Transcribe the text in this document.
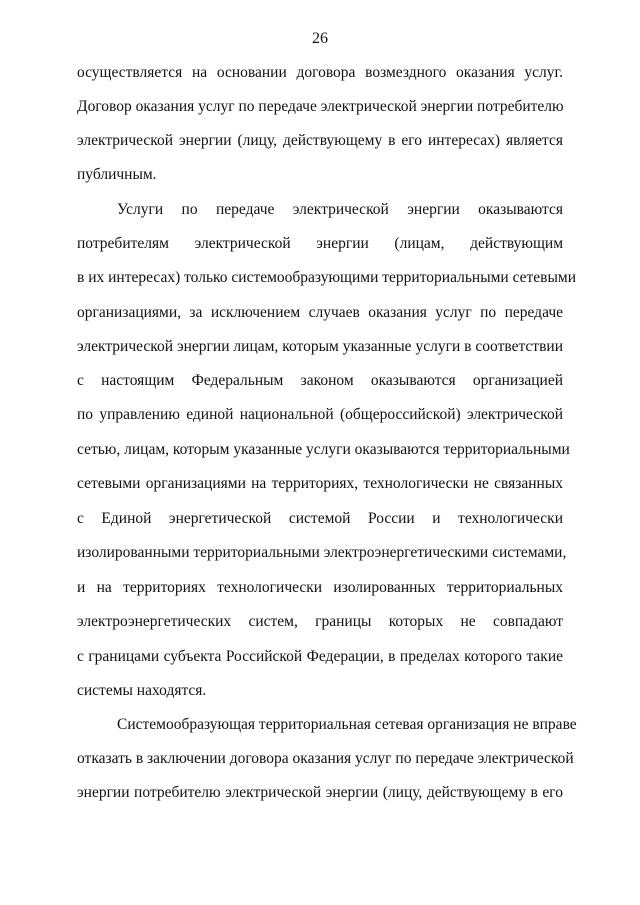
26
осуществляется на основании договора возмездного оказания услуг.
Договор оказания услуг по передаче электрической энергии потребителю
электрической энергии (лицу, действующему в его интересах) является
публичным.
Услуги по передаче электрической энергии оказываются
потребителям электрической энергии (лицам, действующим
в их интересах) только системообразующими территориальными сетевыми
организациями, за исключением случаев оказания услуг по передаче
электрической энергии лицам, которым указанные услуги в соответствии
с настоящим Федеральным законом оказываются организацией
по управлению единой национальной (общероссийской) электрической
сетью, лицам, которым указанные услуги оказываются территориальными
сетевыми организациями на территориях, технологически не связанных
с Единой энергетической системой России и технологически
изолированными территориальными электроэнергетическими системами,
и на территориях технологически изолированных территориальных
электроэнергетических систем, границы которых не совпадают
с границами субъекта Российской Федерации, в пределах которого такие
системы находятся.
Системообразующая территориальная сетевая организация не вправе
отказать в заключении договора оказания услуг по передаче электрической
энергии потребителю электрической энергии (лицу, действующему в его
